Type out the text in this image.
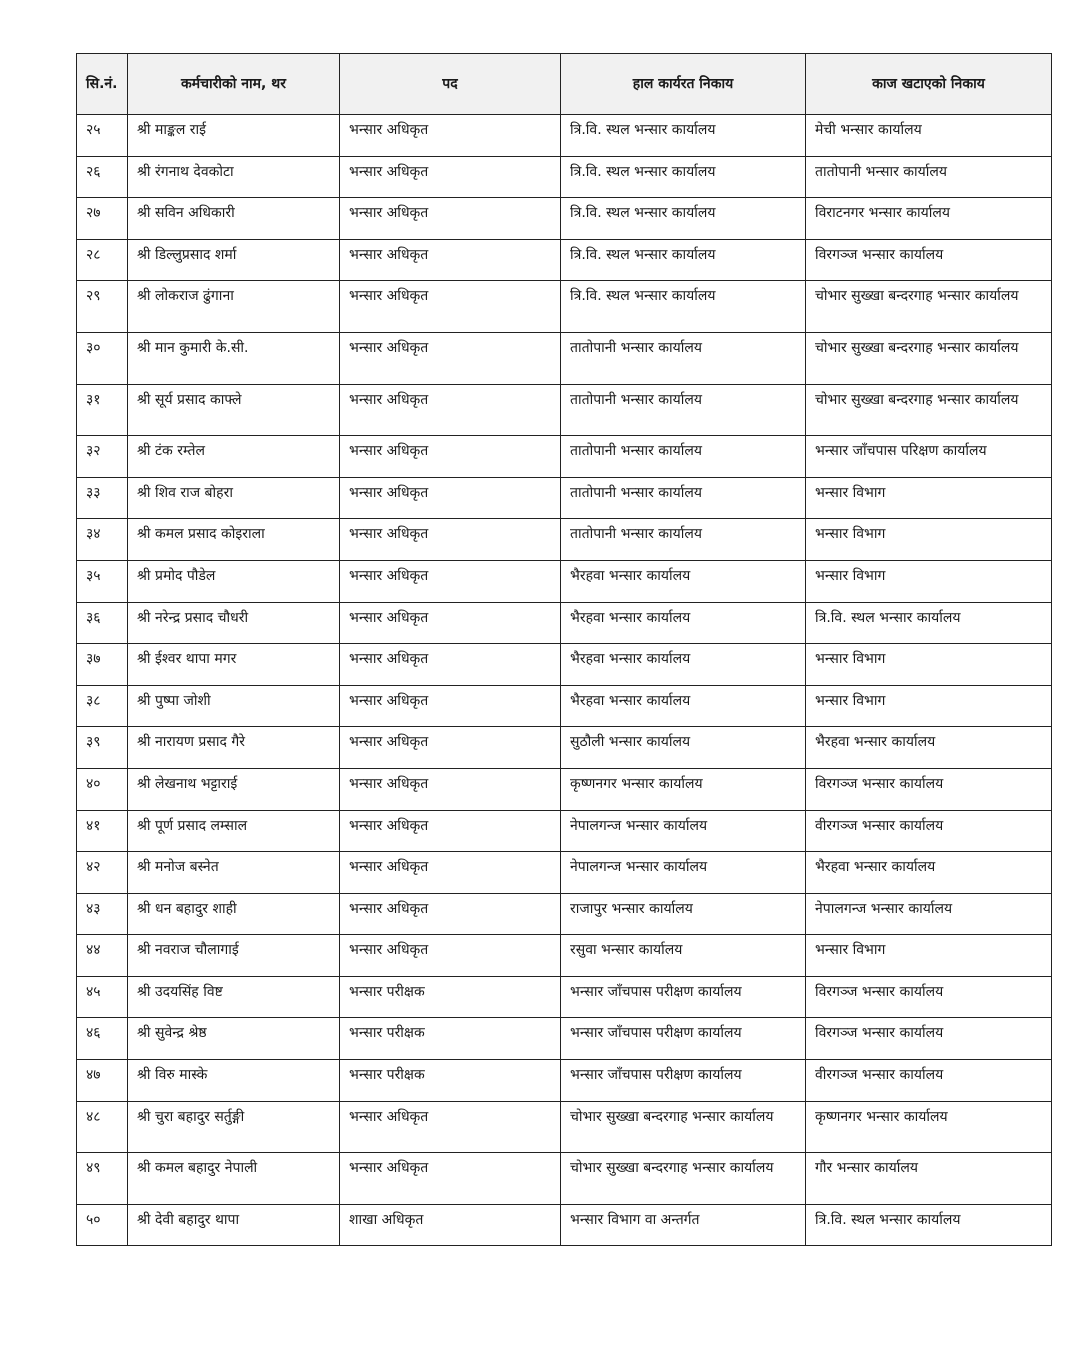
सि.नं.	कर्मचारीको नाम, थर	पद	हाल कार्यरत निकाय	काज खटाएको निकाय
२५	श्री माङ्कल राई	भन्सार अधिकृत	त्रि.वि. स्थल भन्सार कार्यालय	मेची भन्सार कार्यालय
२६	श्री रंगनाथ देवकोटा	भन्सार अधिकृत	त्रि.वि. स्थल भन्सार कार्यालय	तातोपानी भन्सार कार्यालय
२७	श्री सविन अधिकारी	भन्सार अधिकृत	त्रि.वि. स्थल भन्सार कार्यालय	विराटनगर भन्सार कार्यालय
२८	श्री डिल्लुप्रसाद शर्मा	भन्सार अधिकृत	त्रि.वि. स्थल भन्सार कार्यालय	विरगञ्ज भन्सार कार्यालय
२९	श्री लोकराज ढुंगाना	भन्सार अधिकृत	त्रि.वि. स्थल भन्सार कार्यालय	चोभार सुख्खा बन्दरगाह भन्सार कार्यालय
३०	श्री मान कुमारी के.सी.	भन्सार अधिकृत	तातोपानी भन्सार कार्यालय	चोभार सुख्खा बन्दरगाह भन्सार कार्यालय
३१	श्री सूर्य प्रसाद काफ्ले	भन्सार अधिकृत	तातोपानी भन्सार कार्यालय	चोभार सुख्खा बन्दरगाह भन्सार कार्यालय
३२	श्री टंक रम्तेल	भन्सार अधिकृत	तातोपानी भन्सार कार्यालय	भन्सार जाँचपास परिक्षण कार्यालय
३३	श्री शिव राज बोहरा	भन्सार अधिकृत	तातोपानी भन्सार कार्यालय	भन्सार विभाग
३४	श्री कमल प्रसाद कोइराला	भन्सार अधिकृत	तातोपानी भन्सार कार्यालय	भन्सार विभाग
३५	श्री प्रमोद पौडेल	भन्सार अधिकृत	भैरहवा भन्सार कार्यालय	भन्सार विभाग
३६	श्री नरेन्द्र प्रसाद चौधरी	भन्सार अधिकृत	भैरहवा भन्सार कार्यालय	त्रि.वि. स्थल भन्सार कार्यालय
३७	श्री ईश्वर थापा मगर	भन्सार अधिकृत	भैरहवा भन्सार कार्यालय	भन्सार विभाग
३८	श्री पुष्पा जोशी	भन्सार अधिकृत	भैरहवा भन्सार कार्यालय	भन्सार विभाग
३९	श्री नारायण प्रसाद गैरे	भन्सार अधिकृत	सुठौली भन्सार कार्यालय	भैरहवा भन्सार कार्यालय
४०	श्री लेखनाथ भट्टाराई	भन्सार अधिकृत	कृष्णनगर भन्सार कार्यालय	विरगञ्ज भन्सार कार्यालय
४१	श्री पूर्ण प्रसाद लम्साल	भन्सार अधिकृत	नेपालगन्ज भन्सार कार्यालय	वीरगञ्ज भन्सार कार्यालय
४२	श्री मनोज बस्नेत	भन्सार अधिकृत	नेपालगन्ज भन्सार कार्यालय	भैरहवा भन्सार कार्यालय
४३	श्री धन बहादुर शाही	भन्सार अधिकृत	राजापुर भन्सार कार्यालय	नेपालगन्ज भन्सार कार्यालय
४४	श्री नवराज चौलागाई	भन्सार अधिकृत	रसुवा भन्सार कार्यालय	भन्सार विभाग
४५	श्री उदयसिंह विष्ट	भन्सार परीक्षक	भन्सार जाँचपास परीक्षण कार्यालय	विरगञ्ज भन्सार कार्यालय
४६	श्री सुवेन्द्र श्रेष्ठ	भन्सार परीक्षक	भन्सार जाँचपास परीक्षण कार्यालय	विरगञ्ज भन्सार कार्यालय
४७	श्री विरु मास्के	भन्सार परीक्षक	भन्सार जाँचपास परीक्षण कार्यालय	वीरगञ्ज भन्सार कार्यालय
४८	श्री चुरा बहादुर सर्तुङ्गी	भन्सार अधिकृत	चोभार सुख्खा बन्दरगाह भन्सार कार्यालय	कृष्णनगर भन्सार कार्यालय
४९	श्री कमल बहादुर नेपाली	भन्सार अधिकृत	चोभार सुख्खा बन्दरगाह भन्सार कार्यालय	गौर भन्सार कार्यालय
५०	श्री देवी बहादुर थापा	शाखा अधिकृत	भन्सार विभाग वा अन्तर्गत	त्रि.वि. स्थल भन्सार कार्यालय
